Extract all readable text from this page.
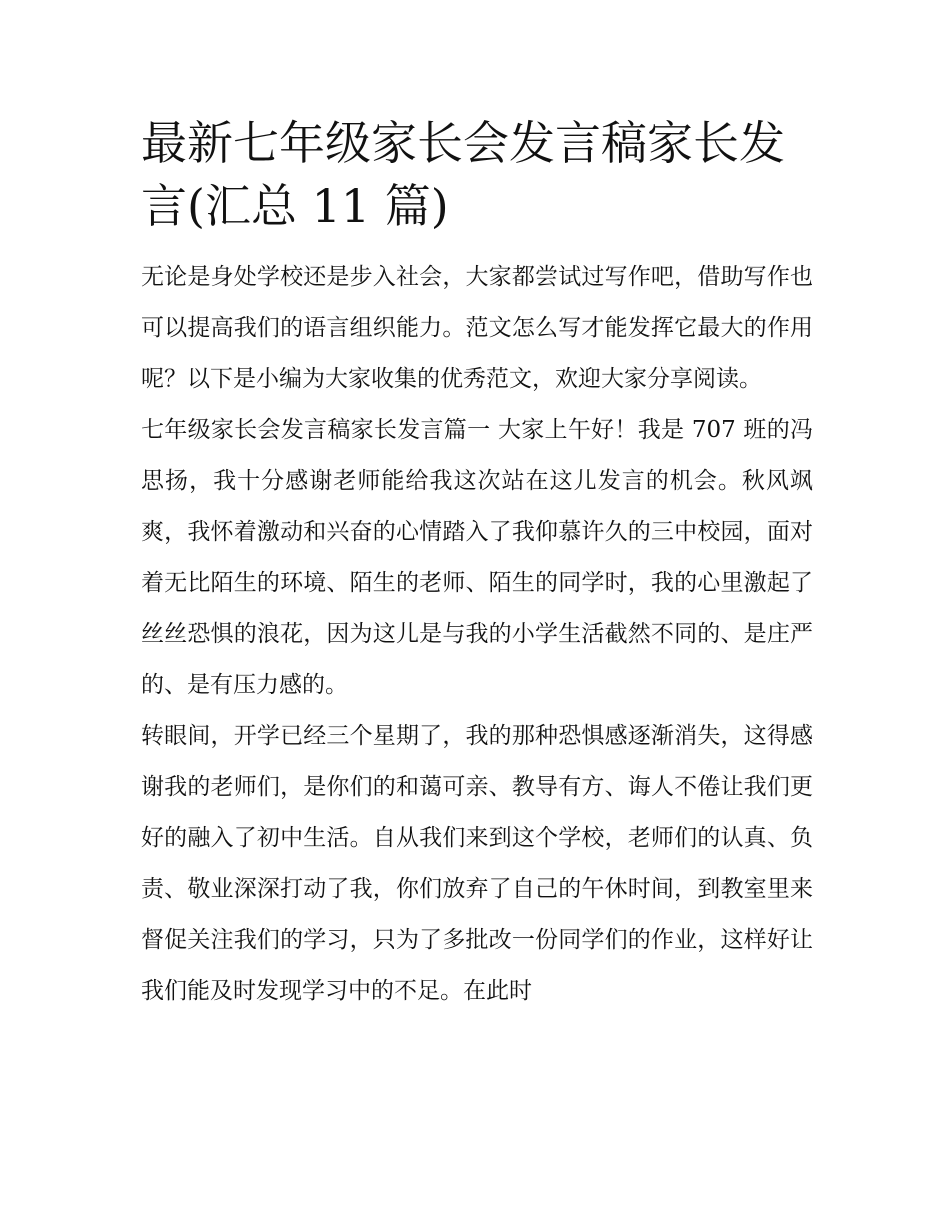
最新七年级家长会发言稿家长发言(汇总 11 篇)

无论是身处学校还是步入社会，大家都尝试过写作吧，借助写作也可以提高我们的语言组织能力。范文怎么写才能发挥它最大的作用呢？以下是小编为大家收集的优秀范文，欢迎大家分享阅读。

七年级家长会发言稿家长发言篇一 大家上午好！我是 707 班的冯思扬，我十分感谢老师能给我这次站在这儿发言的机会。秋风飒爽，我怀着激动和兴奋的心情踏入了我仰慕许久的三中校园，面对着无比陌生的环境、陌生的老师、陌生的同学时，我的心里激起了丝丝恐惧的浪花，因为这儿是与我的小学生活截然不同的、是庄严的、是有压力感的。

转眼间，开学已经三个星期了，我的那种恐惧感逐渐消失，这得感谢我的老师们，是你们的和蔼可亲、教导有方、诲人不倦让我们更好的融入了初中生活。自从我们来到这个学校，老师们的认真、负责、敬业深深打动了我，你们放弃了自己的午休时间，到教室里来督促关注我们的学习，只为了多批改一份同学们的作业，这样好让我们能及时发现学习中的不足。在此时
